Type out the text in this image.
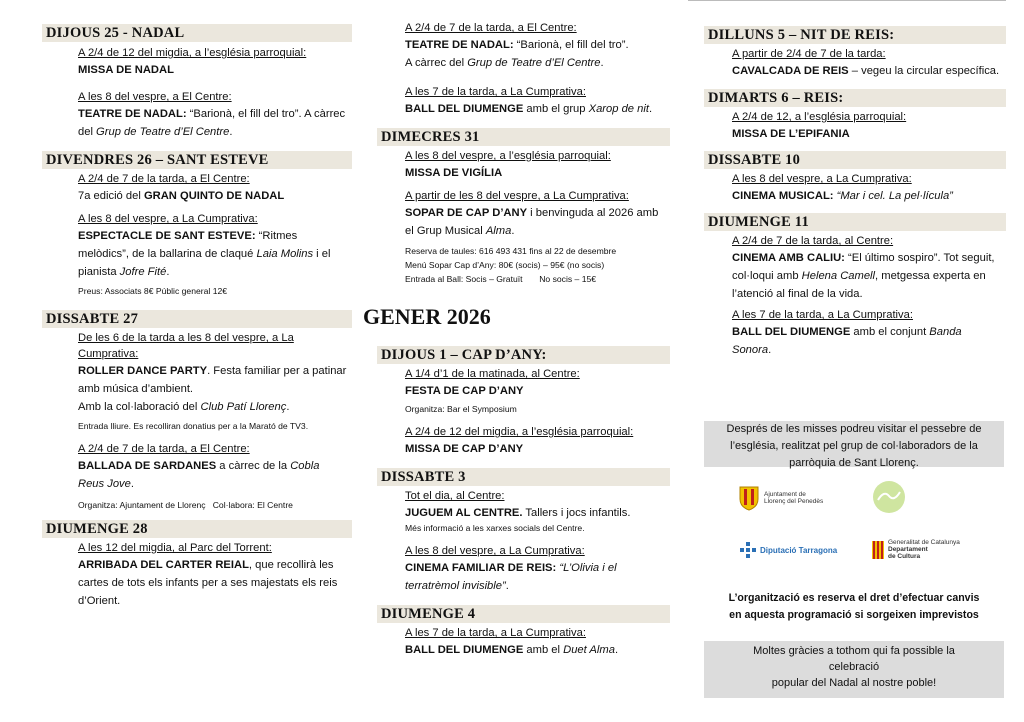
DIJOUS 25 - NADAL
A 2/4 de 12 del migdia, a l’església parroquial:
MISSA DE NADAL
A les 8 del vespre, a El Centre:
TEATRE DE NADAL: “Barionà, el fill del tro”. A càrrec del Grup de Teatre d’El Centre.
DIVENDRES 26 – SANT ESTEVE
A 2/4 de 7 de la tarda, a El Centre:
7a edició del GRAN QUINTO DE NADAL
A les 8 del vespre, a La Cumprativa:
ESPECTACLE DE SANT ESTEVE: “Ritmes melòdics”, de la ballarina de claqué Laia Molins i el pianista Jofre Fité.
Preus: Associats 8€ Públic general 12€
DISSABTE 27
De les 6 de la tarda a les 8 del vespre, a La Cumprativa:
ROLLER DANCE PARTY. Festa familiar per a patinar amb música d’ambient.
Amb la col·laboració del Club Patí Llorenç.
Entrada lliure. Es recolliran donatius per a la Marató de TV3.
A 2/4 de 7 de la tarda, a El Centre:
BALLADA DE SARDANES a càrrec de la Cobla Reus Jove.
Organitza: Ajuntament de Llorenç   Col·labora: El Centre
DIUMENGE 28
A les 12 del migdia, al Parc del Torrent:
ARRIBADA DEL CARTER REIAL, que recollirà les cartes de tots els infants per a ses majestats els reis d’Orient.
A 2/4 de 7 de la tarda, a El Centre:
TEATRE DE NADAL: “Barionà, el fill del tro”.
A càrrec del Grup de Teatre d’El Centre.
A les 7 de la tarda, a La Cumprativa:
BALL DEL DIUMENGE amb el grup Xarop de nit.
DIMECRES 31
A les 8 del vespre, a l’església parroquial:
MISSA DE VIGÍLIA
A partir de les 8 del vespre, a La Cumprativa:
SOPAR DE CAP D’ANY i benvinguda al 2026 amb el Grup Musical Alma.
Reserva de taules: 616 493 431 fins al 22 de desembre
Menú Sopar Cap d’Any: 80€ (socis) – 95€ (no socis)
Entrada al Ball: Socis – Gratuït       No socis – 15€
GENER 2026
DIJOUS 1 – CAP D’ANY:
A 1/4 d’1 de la matinada, al Centre:
FESTA DE CAP D’ANY
Organitza: Bar el Symposium
A 2/4 de 12 del migdia, a l’església parroquial:
MISSA DE CAP D’ANY
DISSABTE 3
Tot el dia, al Centre:
JUGUEM AL CENTRE. Tallers i jocs infantils.
Més informació a les xarxes socials del Centre.
A les 8 del vespre, a La Cumprativa:
CINEMA FAMILIAR DE REIS: “L’Olivia i el terratrèmol invisible”.
DIUMENGE 4
A les 7 de la tarda, a La Cumprativa:
BALL DEL DIUMENGE amb el Duet Alma.
DILLUNS 5 – NIT DE REIS:
A partir de 2/4 de 7 de la tarda:
CAVALCADA DE REIS – vegeu la circular específica.
DIMARTS 6 – REIS:
A 2/4 de 12, a l’església parroquial:
MISSA DE L’EPIFANIA
DISSABTE 10
A les 8 del vespre, a La Cumprativa:
CINEMA MUSICAL: “Mar i cel. La pel·lícula”
DIUMENGE 11
A 2/4 de 7 de la tarda, al Centre:
CINEMA AMB CALIU: “El último sospiro”. Tot seguit, col·loqui amb Helena Camell, metgessa experta en l’atenció al final de la vida.
A les 7 de la tarda, a La Cumprativa:
BALL DEL DIUMENGE amb el conjunt Banda Sonora.
Després de les misses podreu visitar el pessebre de l’església, realitzat pel grup de col·laboradors de la parròquia de Sant Llorenç.
Ajuntament de
Llorenç del Penedès
Diputació Tarragona
Generalitat de Catalunya
Departament
de Cultura
L’organització es reserva el dret d’efectuar canvis
en aquesta programació si sorgeixen imprevistos
Moltes gràcies a tothom qui fa possible la
celebració
popular del Nadal al nostre poble!
